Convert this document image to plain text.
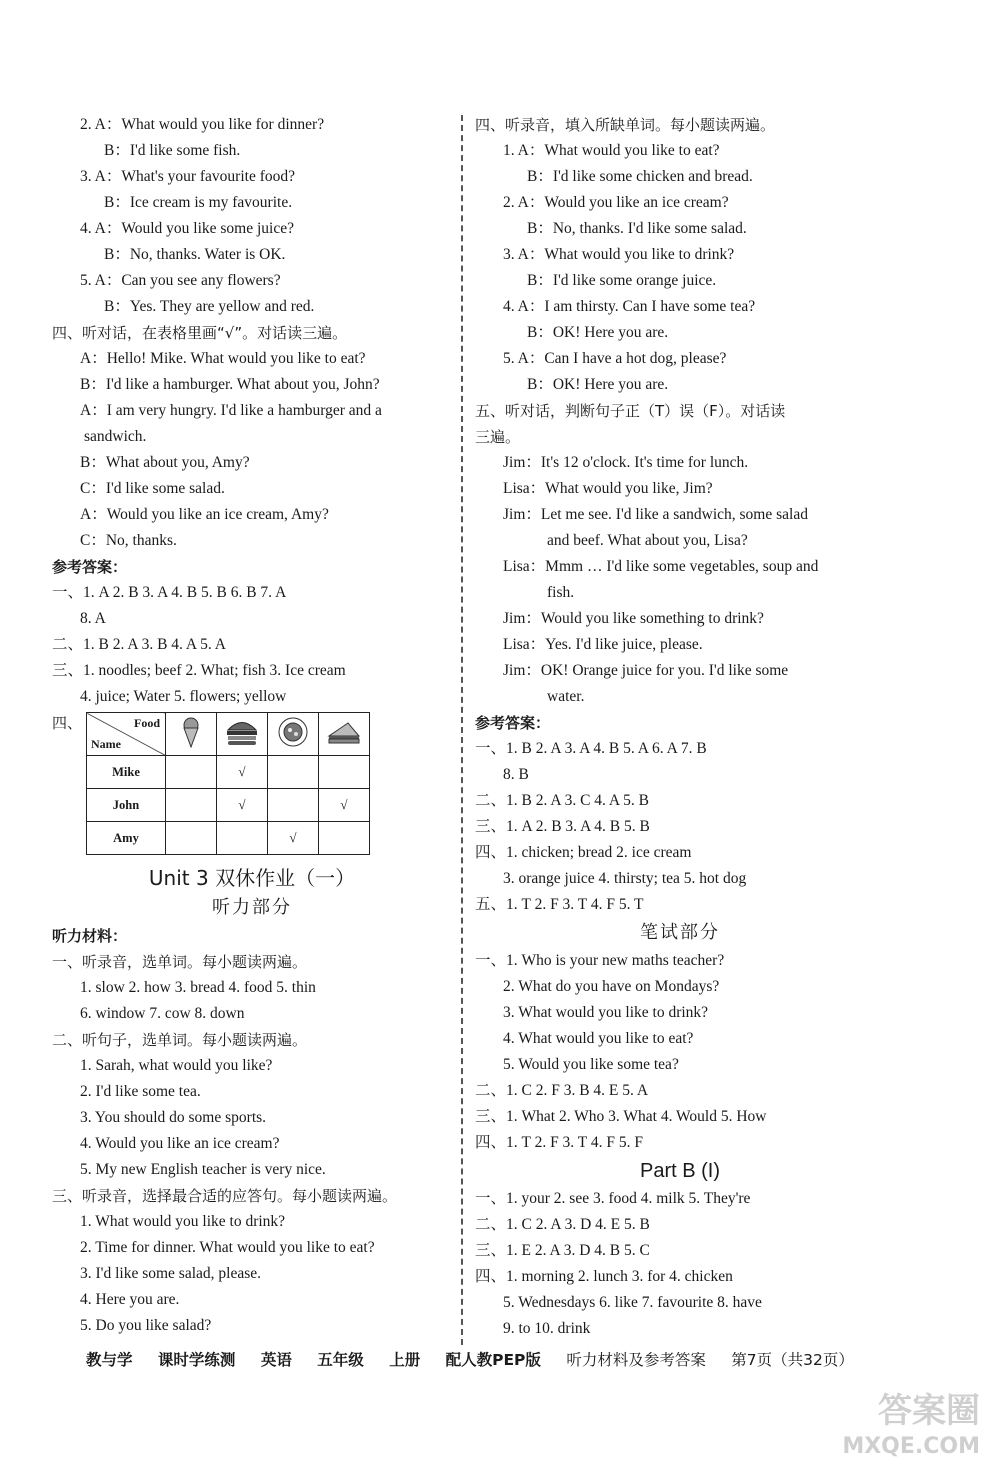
2. A：What would you like for dinner?
B：I'd like some fish.
3. A：What's your favourite food?
B：Ice cream is my favourite.
4. A：Would you like some juice?
B：No, thanks. Water is OK.
5. A：Can you see any flowers?
B：Yes. They are yellow and red.
四、听对话，在表格里画“√”。对话读三遍。
A：Hello! Mike. What would you like to eat?
B：I'd like a hamburger. What about you, John?
A：I am very hungry. I'd like a hamburger and a
sandwich.
B：What about you, Amy?
C：I'd like some salad.
A：Would you like an ice cream, Amy?
C：No, thanks.
参考答案：
一、1. A 2. B 3. A 4. B 5. B 6. B 7. A
8. A
二、1. B 2. A 3. B 4. A 5. A
三、1. noodles; beef 2. What; fish 3. Ice cream
4. juice; Water 5. flowers; yellow
四、	Food
Name

Mike		√		
John		√		√
Amy			√	
Unit 3 双休作业（一）
听力部分
听力材料：
一、听录音，选单词。每小题读两遍。
1. slow 2. how 3. bread 4. food 5. thin
6. window 7. cow 8. down
二、听句子，选单词。每小题读两遍。
1. Sarah, what would you like?
2. I'd like some tea.
3. You should do some sports.
4. Would you like an ice cream?
5. My new English teacher is very nice.
三、听录音，选择最合适的应答句。每小题读两遍。
1. What would you like to drink?
2. Time for dinner. What would you like to eat?
3. I'd like some salad, please.
4. Here you are.
5. Do you like salad?
四、听录音，填入所缺单词。每小题读两遍。
1. A：What would you like to eat?
B：I'd like some chicken and bread.
2. A：Would you like an ice cream?
B：No, thanks. I'd like some salad.
3. A：What would you like to drink?
B：I'd like some orange juice.
4. A：I am thirsty. Can I have some tea?
B：OK! Here you are.
5. A：Can I have a hot dog, please?
B：OK! Here you are.
五、听对话，判断句子正（T）误（F）。对话读
三遍。
Jim：It's 12 o'clock. It's time for lunch.
Lisa：What would you like, Jim?
Jim：Let me see. I'd like a sandwich, some salad
and beef. What about you, Lisa?
Lisa：Mmm … I'd like some vegetables, soup and
fish.
Jim：Would you like something to drink?
Lisa：Yes. I'd like juice, please.
Jim：OK! Orange juice for you. I'd like some
water.
参考答案：
一、1. B 2. A 3. A 4. B 5. A 6. A 7. B
8. B
二、1. B 2. A 3. C 4. A 5. B
三、1. A 2. B 3. A 4. B 5. B
四、1. chicken; bread 2. ice cream
3. orange juice 4. thirsty; tea 5. hot dog
五、1. T 2. F 3. T 4. F 5. T
笔试部分
一、1. Who is your new maths teacher?
2. What do you have on Mondays?
3. What would you like to drink?
4. What would you like to eat?
5. Would you like some tea?
二、1. C 2. F 3. B 4. E 5. A
三、1. What 2. Who 3. What 4. Would 5. How
四、1. T 2. F 3. T 4. F 5. F
Part B (I)
一、1. your 2. see 3. food 4. milk 5. They're
二、1. C 2. A 3. D 4. E 5. B
三、1. E 2. A 3. D 4. B 5. C
四、1. morning 2. lunch 3. for 4. chicken
5. Wednesdays 6. like 7. favourite 8. have
9. to 10. drink
教与学 课时学练测 英语 五年级 上册 配人教PEP版 听力材料及参考答案 第7页（共32页）
答案圈
MXQE.COM
